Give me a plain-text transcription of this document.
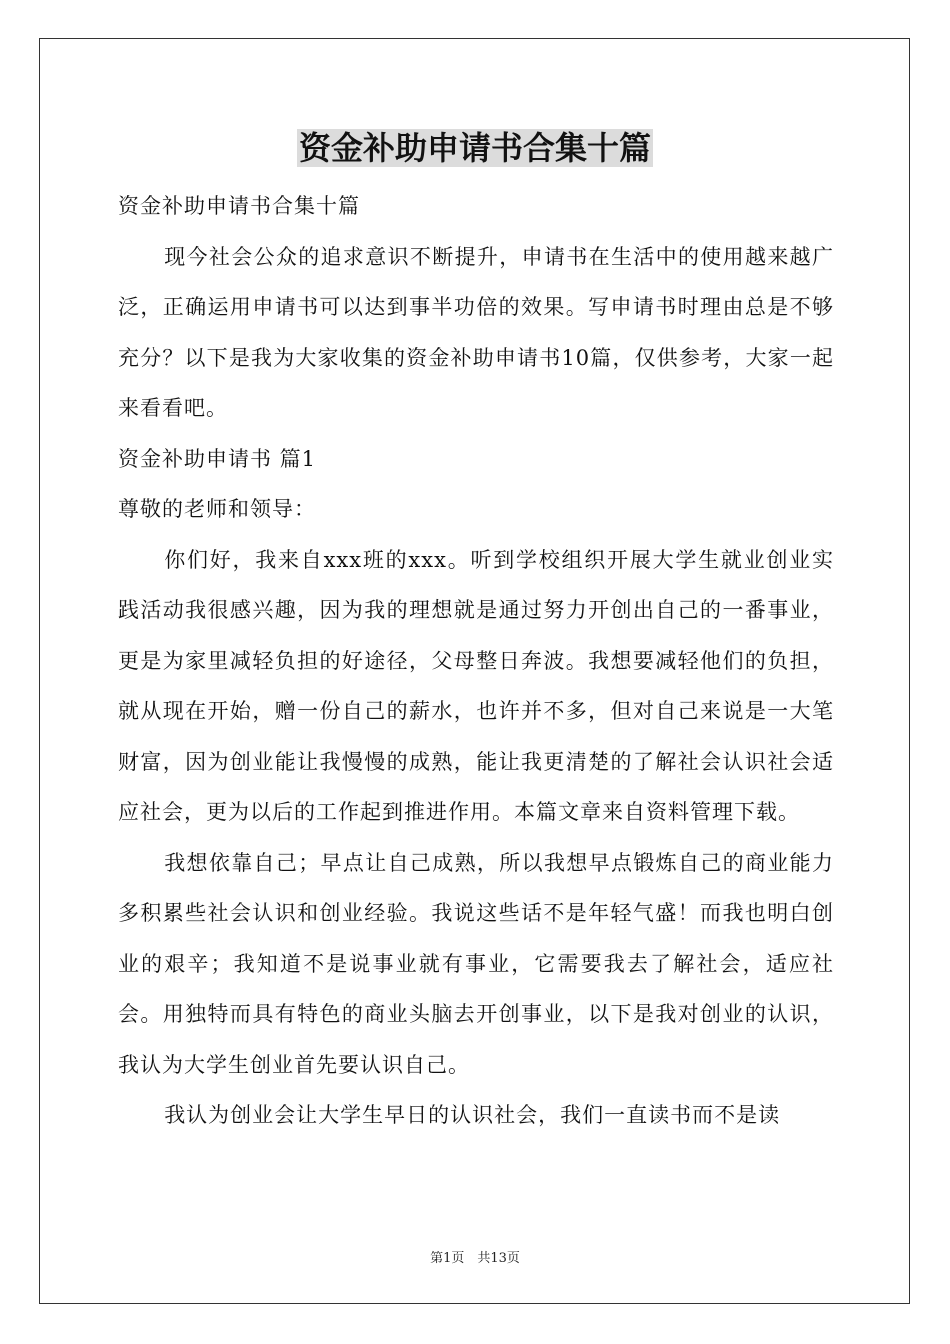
资金补助申请书合集十篇

资金补助申请书合集十篇

现今社会公众的追求意识不断提升，申请书在生活中的使用越来越广泛，正确运用申请书可以达到事半功倍的效果。写申请书时理由总是不够充分？以下是我为大家收集的资金补助申请书10篇，仅供参考，大家一起来看看吧。

资金补助申请书 篇1

尊敬的老师和领导：

你们好，我来自xxx班的xxx。听到学校组织开展大学生就业创业实践活动我很感兴趣，因为我的理想就是通过努力开创出自己的一番事业，更是为家里减轻负担的好途径，父母整日奔波。我想要减轻他们的负担，就从现在开始，赠一份自己的薪水，也许并不多，但对自己来说是一大笔财富，因为创业能让我慢慢的成熟，能让我更清楚的了解社会认识社会适应社会，更为以后的工作起到推进作用。本篇文章来自资料管理下载。

我想依靠自己；早点让自己成熟，所以我想早点锻炼自己的商业能力多积累些社会认识和创业经验。我说这些话不是年轻气盛！而我也明白创业的艰辛；我知道不是说事业就有事业，它需要我去了解社会，适应社会。用独特而具有特色的商业头脑去开创事业，以下是我对创业的认识，我认为大学生创业首先要认识自己。

我认为创业会让大学生早日的认识社会，我们一直读书而不是读

第1页　共13页
